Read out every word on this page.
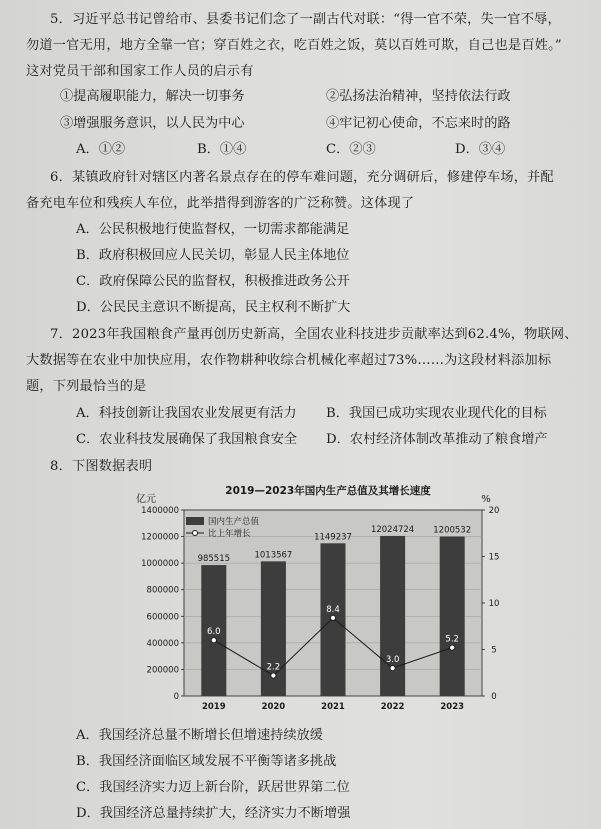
5．习近平总书记曾给市、县委书记们念了一副古代对联：“得一官不荣，失一官不辱，
勿道一官无用，地方全靠一官；穿百姓之衣，吃百姓之饭，莫以百姓可欺，自己也是百姓。”
这对党员干部和国家工作人员的启示有
①提高履职能力，解决一切事务	②弘扬法治精神，坚持依法行政
③增强服务意识，以人民为中心	④牢记初心使命，不忘来时的路
A．①②	B．①④	C．②③	D．③④
6．某镇政府针对辖区内著名景点存在的停车难问题，充分调研后，修建停车场，并配
备充电车位和残疾人车位，此举措得到游客的广泛称赞。这体现了
A．公民积极地行使监督权，一切需求都能满足
B．政府积极回应人民关切，彰显人民主体地位
C．政府保障公民的监督权，积极推进政务公开
D．公民民主意识不断提高，民主权利不断扩大
7．2023年我国粮食产量再创历史新高，全国农业科技进步贡献率达到62.4%，物联网、
大数据等在农业中加快应用，农作物耕种收综合机械化率超过73%……为这段材料添加标
题，下列最恰当的是
A．科技创新让我国农业发展更有活力 B．我国已成功实现农业现代化的目标
C．农业科技发展确保了我国粮食安全 D．农村经济体制改革推动了粮食增产
8．下图数据表明
2019—2023年国内生产总值及其增长速度
亿元	%
985515	1013567
1149237
12024724 1200532
6.0
2.2
8.4
3.0
5.2
0
200000
400000
600000
800000
1000000
1200000
1400000
0
5
10
15
20
2019	2020	2021	2022	2023
国内生产总值
比上年增长
A．我国经济总量不断增长但增速持续放缓
B．我国经济面临区域发展不平衡等诸多挑战
C．我国经济实力迈上新台阶，跃居世界第二位
D．我国经济总量持续扩大，经济实力不断增强
